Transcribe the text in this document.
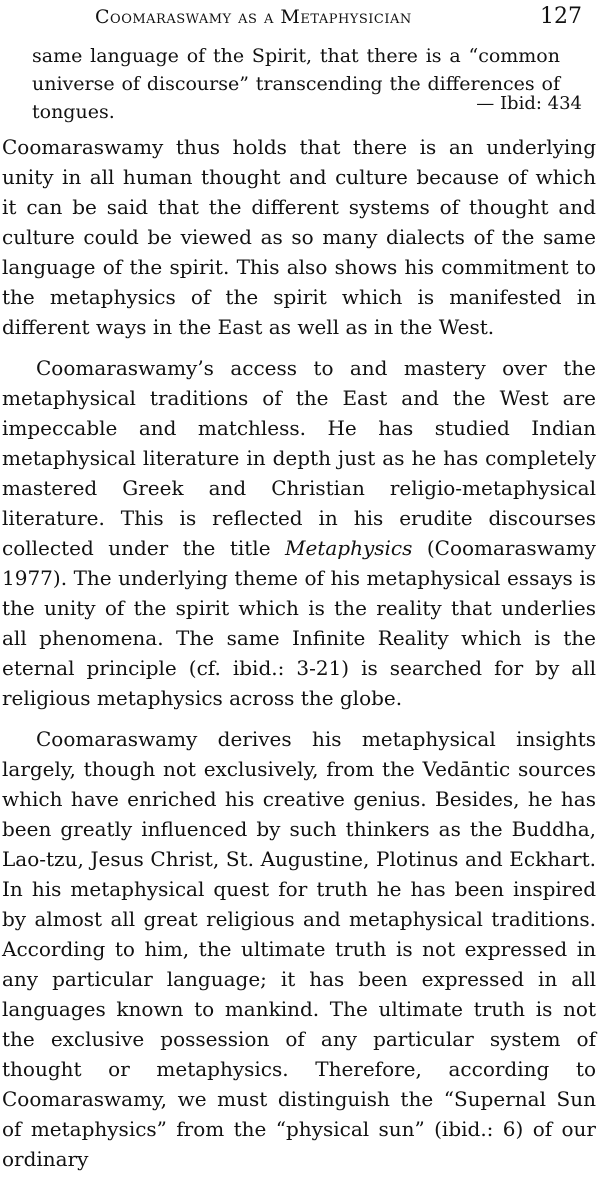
Coomaraswamy as a Metaphysician	127
same language of the Spirit, that there is a “common universe of discourse” transcending the differences of tongues.	— Ibid: 434

Coomaraswamy thus holds that there is an underlying unity in all human thought and culture because of which it can be said that the different systems of thought and culture could be viewed as so many dialects of the same language of the spirit. This also shows his commitment to the metaphysics of the spirit which is manifested in different ways in the East as well as in the West.

Coomaraswamy’s access to and mastery over the metaphysical traditions of the East and the West are impeccable and matchless. He has studied Indian metaphysical literature in depth just as he has completely mastered Greek and Christian religio-metaphysical literature. This is reflected in his erudite discourses collected under the title Metaphysics (Coomaraswamy 1977). The underlying theme of his metaphysical essays is the unity of the spirit which is the reality that underlies all phenomena. The same Infinite Reality which is the eternal principle (cf. ibid.: 3-21) is searched for by all religious metaphysics across the globe.

Coomaraswamy derives his metaphysical insights largely, though not exclusively, from the Vedāntic sources which have enriched his creative genius. Besides, he has been greatly influenced by such thinkers as the Buddha, Lao-tzu, Jesus Christ, St. Augustine, Plotinus and Eckhart. In his metaphysical quest for truth he has been inspired by almost all great religious and metaphysical traditions. According to him, the ultimate truth is not expressed in any particular language; it has been expressed in all languages known to mankind. The ultimate truth is not the exclusive possession of any particular system of thought or metaphysics. Therefore, according to Coomaraswamy, we must distinguish the “Supernal Sun of metaphysics” from the “physical sun” (ibid.: 6) of our ordinary
